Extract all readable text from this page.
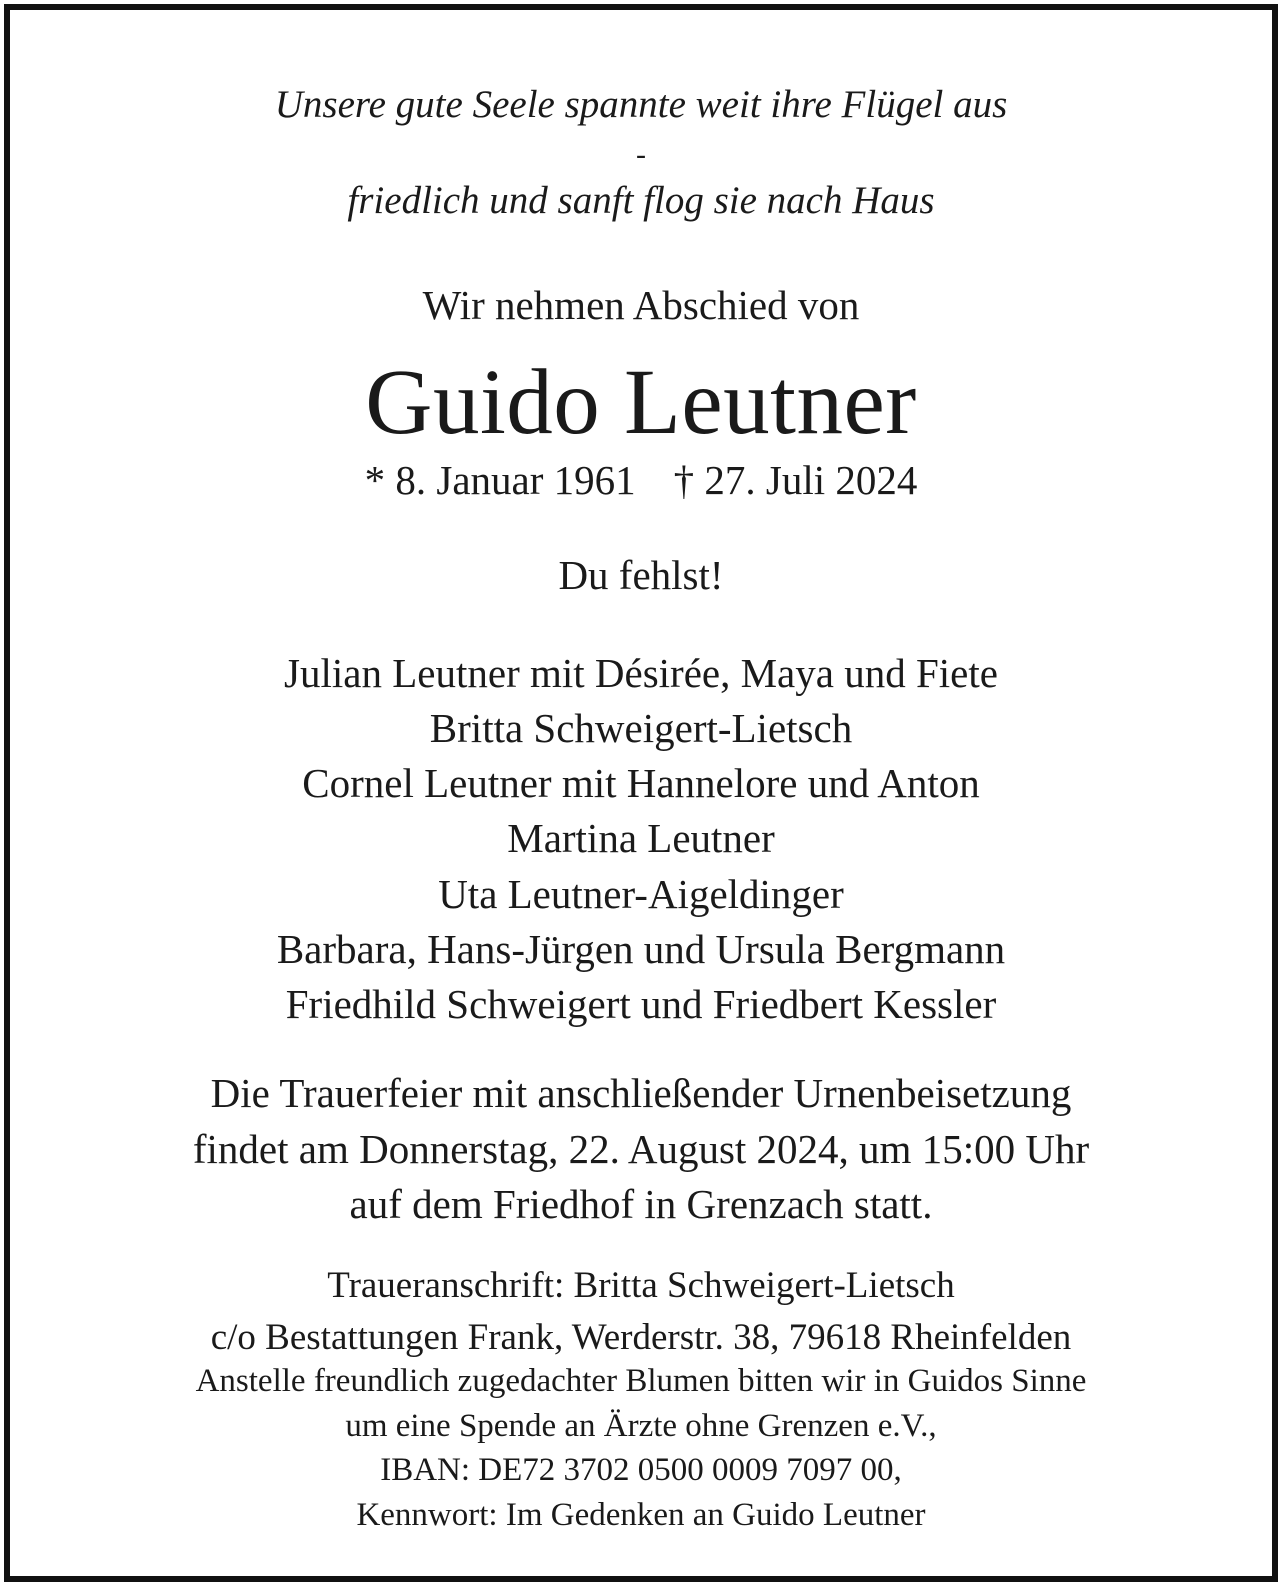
Unsere gute Seele spannte weit ihre Flügel aus
-
friedlich und sanft flog sie nach Haus
Wir nehmen Abschied von
Guido Leutner
* 8. Januar 1961 † 27. Juli 2024
Du fehlst!
Julian Leutner mit Désirée, Maya und Fiete
Britta Schweigert-Lietsch
Cornel Leutner mit Hannelore und Anton
Martina Leutner
Uta Leutner-Aigeldinger
Barbara, Hans-Jürgen und Ursula Bergmann
Friedhild Schweigert und Friedbert Kessler
Die Trauerfeier mit anschließender Urnenbeisetzung
findet am Donnerstag, 22. August 2024, um 15:00 Uhr
auf dem Friedhof in Grenzach statt.
Traueranschrift: Britta Schweigert-Lietsch
c/o Bestattungen Frank, Werderstr. 38, 79618 Rheinfelden
Anstelle freundlich zugedachter Blumen bitten wir in Guidos Sinne
um eine Spende an Ärzte ohne Grenzen e.V.,
IBAN: DE72 3702 0500 0009 7097 00,
Kennwort: Im Gedenken an Guido Leutner
